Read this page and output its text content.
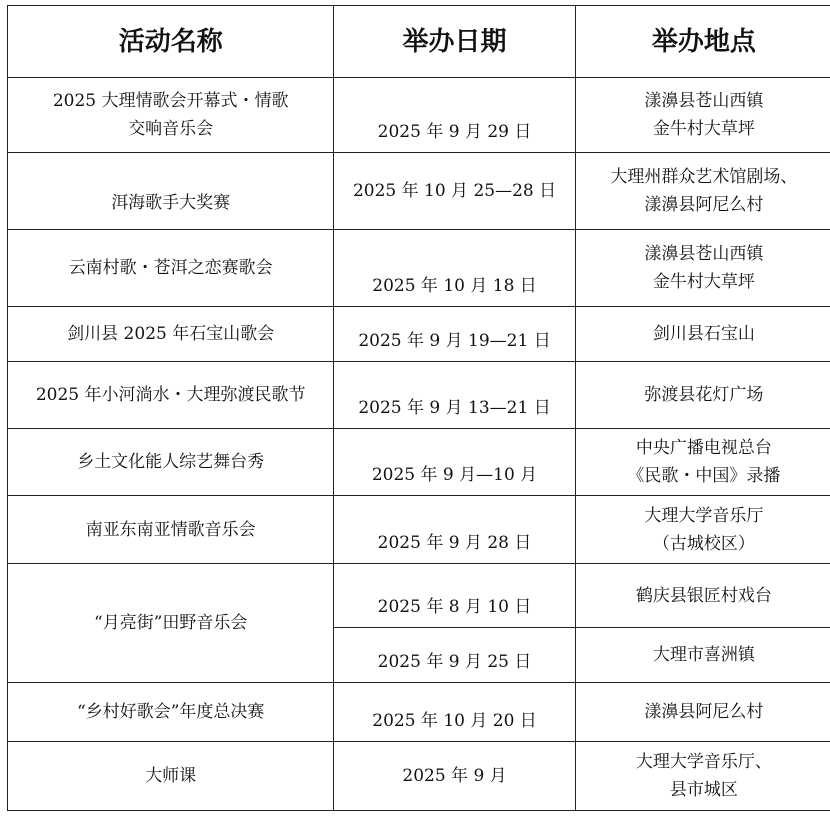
活动名称	举办日期	举办地点

2025 大理情歌会开幕式・情歌
交响音乐会	2025 年 9 月 29 日	漾濞县苍山西镇
金牛村大草坪

洱海歌手大奖赛	2025 年 10 月 25—28 日	大理州群众艺术馆剧场、
漾濞县阿尼么村

云南村歌・苍洱之恋赛歌会	2025 年 10 月 18 日	漾濞县苍山西镇
金牛村大草坪

剑川县 2025 年石宝山歌会	2025 年 9 月 19—21 日	剑川县石宝山

2025 年小河淌水・大理弥渡民歌节	2025 年 9 月 13—21 日	弥渡县花灯广场

乡土文化能人综艺舞台秀	2025 年 9 月—10 月	中央广播电视总台
《民歌・中国》录播

南亚东南亚情歌音乐会	2025 年 9 月 28 日	大理大学音乐厅
（古城校区）

“月亮街”田野音乐会	2025 年 8 月 10 日	鹤庆县银匠村戏台

	2025 年 9 月 25 日	大理市喜洲镇

“乡村好歌会”年度总决赛	2025 年 10 月 20 日	漾濞县阿尼么村

大师课	2025 年 9 月	大理大学音乐厅、
县市城区
